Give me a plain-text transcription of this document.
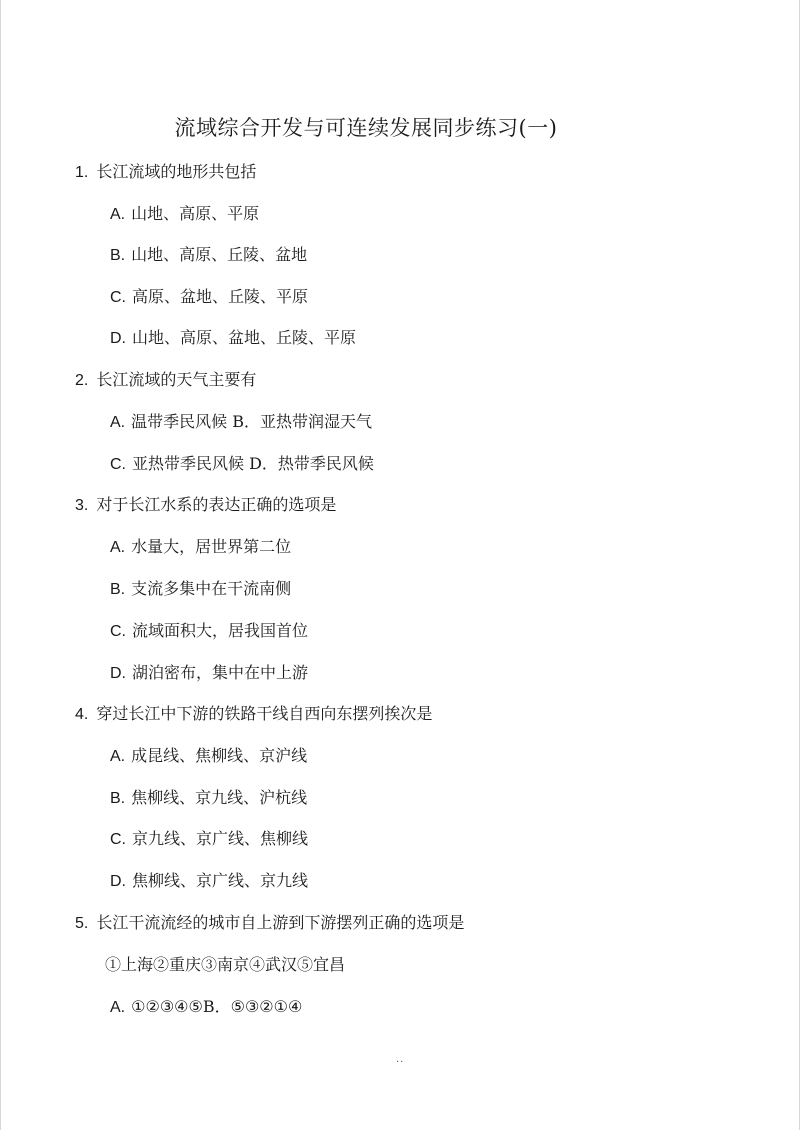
流域综合开发与可连续发展同步练习(一)
1. 长江流域的地形共包括
A. 山地、高原、平原
B. 山地、高原、丘陵、盆地
C. 高原、盆地、丘陵、平原
D. 山地、高原、盆地、丘陵、平原
2. 长江流域的天气主要有
A. 温带季民风候 B．亚热带润湿天气
C. 亚热带季民风候 D．热带季民风候
3. 对于长江水系的表达正确的选项是
A. 水量大，居世界第二位
B. 支流多集中在干流南侧
C. 流域面积大，居我国首位
D. 湖泊密布，集中在中上游
4. 穿过长江中下游的铁路干线自西向东摆列挨次是
A. 成昆线、焦柳线、京沪线
B. 焦柳线、京九线、沪杭线
C. 京九线、京广线、焦柳线
D. 焦柳线、京广线、京九线
5. 长江干流流经的城市自上游到下游摆列正确的选项是
①上海②重庆③南京④武汉⑤宜昌
A. ①②③④⑤B．⑤③②①④
..
